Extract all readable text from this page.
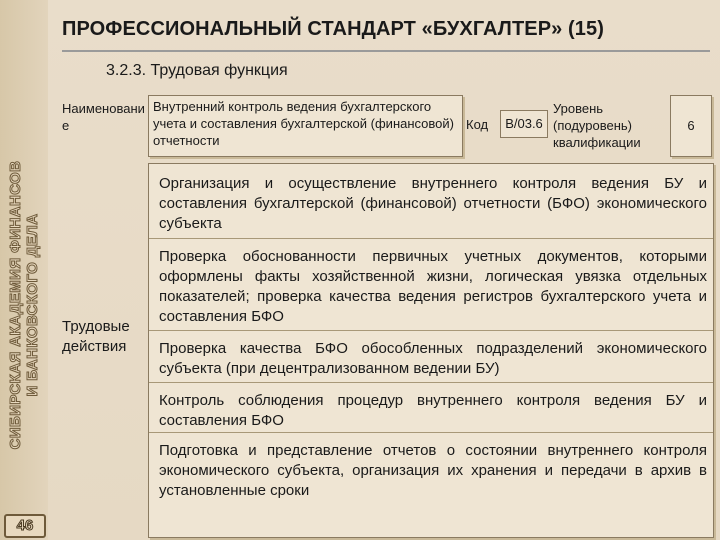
СИБИРСКАЯ АКАДЕМИЯ ФИНАНСОВ И БАНКОВСКОГО ДЕЛА
46
ПРОФЕССИОНАЛЬНЫЙ СТАНДАРТ «БУХГАЛТЕР» (15)
3.2.3. Трудовая функция
Наименование
Внутренний контроль ведения бухгалтерского учета и составления бухгалтерской (финансовой) отчетности
Код	B/03.6
Уровень (подуровень) квалификации
6
Трудовые действия
Организация и осуществление внутреннего контроля ведения БУ и составления бухгалтерской (финансовой) отчетности (БФО) экономического субъекта
Проверка обоснованности первичных учетных документов, которыми оформлены факты хозяйственной жизни, логическая увязка отдельных показателей; проверка качества ведения регистров бухгалтерского учета и составления БФО
Проверка качества БФО обособленных подразделений экономического субъекта (при децентрализованном ведении БУ)
Контроль соблюдения процедур внутреннего контроля ведения БУ и составления БФО
Подготовка и представление отчетов о состоянии внутреннего контроля экономического субъекта, организация их хранения и передачи в архив в установленные сроки
